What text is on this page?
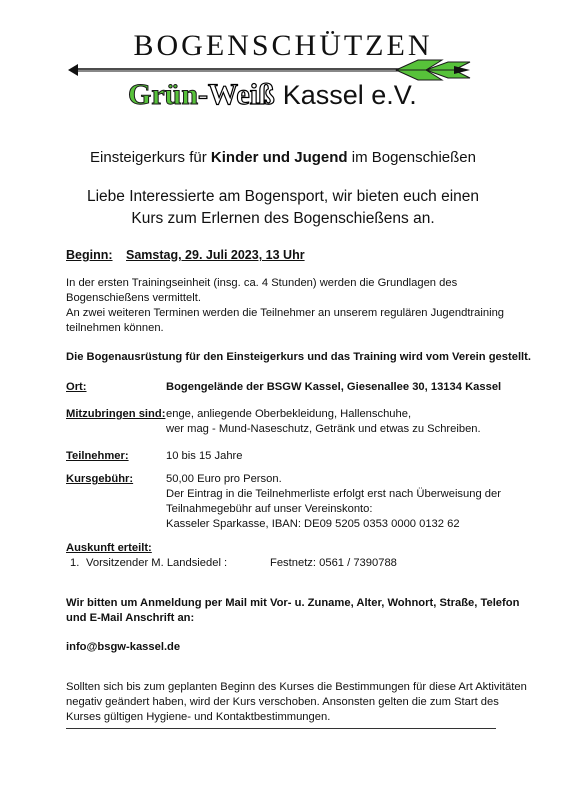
BOGENSCHÜTZEN
Grün-Weiß Kassel e.V.
Einsteigerkurs für Kinder und Jugend im Bogenschießen
Liebe Interessierte am Bogensport, wir bieten euch einen
Kurs zum Erlernen des Bogenschießens an.
Beginn: Samstag, 29. Juli 2023, 13 Uhr
In der ersten Trainingseinheit (insg. ca. 4 Stunden) werden die Grundlagen des
Bogenschießens vermittelt.
An zwei weiteren Terminen werden die Teilnehmer an unserem regulären Jugendtraining
teilnehmen können.
Die Bogenausrüstung für den Einsteigerkurs und das Training wird vom Verein gestellt.
Ort:	Bogengelände der BSGW Kassel, Giesenallee 30, 13134 Kassel
Mitzubringen sind: enge, anliegende Oberbekleidung, Hallenschuhe,
wer mag - Mund-Naseschutz, Getränk und etwas zu Schreiben.
Teilnehmer:	10 bis 15 Jahre
Kursgebühr:	50,00 Euro pro Person.
Der Eintrag in die Teilnehmerliste erfolgt erst nach Überweisung der
Teilnahmegebühr auf unser Vereinskonto:
Kasseler Sparkasse, IBAN: DE09 5205 0353 0000 0132 62
Auskunft erteilt:
1. Vorsitzender M. Landsiedel :	Festnetz: 0561 / 7390788
Wir bitten um Anmeldung per Mail mit Vor- u. Zuname, Alter, Wohnort, Straße, Telefon
und E-Mail Anschrift an:
info@bsgw-kassel.de
Sollten sich bis zum geplanten Beginn des Kurses die Bestimmungen für diese Art Aktivitäten
negativ geändert haben, wird der Kurs verschoben. Ansonsten gelten die zum Start des
Kurses gültigen Hygiene- und Kontaktbestimmungen.
